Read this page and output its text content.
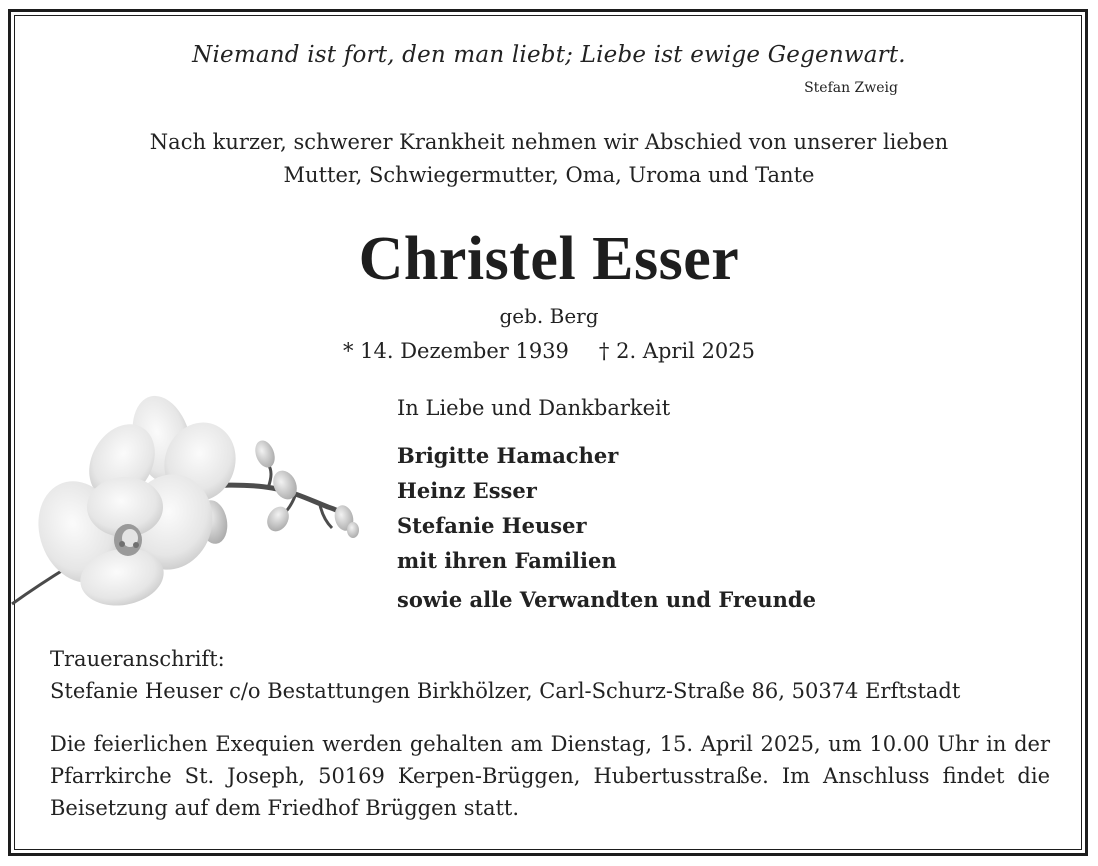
Niemand ist fort, den man liebt; Liebe ist ewige Gegenwart.
Stefan Zweig
Nach kurzer, schwerer Krankheit nehmen wir Abschied von unserer lieben
Mutter, Schwiegermutter, Oma, Uroma und Tante
Christel Esser
geb. Berg
* 14. Dezember 1939 † 2. April 2025
In Liebe und Dankbarkeit
Brigitte Hamacher
Heinz Esser
Stefanie Heuser
mit ihren Familien
sowie alle Verwandten und Freunde
Traueranschrift:
Stefanie Heuser c/o Bestattungen Birkhölzer, Carl-Schurz-Straße 86, 50374 Erftstadt
Die feierlichen Exequien werden gehalten am Dienstag, 15. April 2025, um 10.00 Uhr in der Pfarrkirche St. Joseph, 50169 Kerpen-Brüggen, Hubertusstraße. Im Anschluss findet die Beisetzung auf dem Friedhof Brüggen statt.
